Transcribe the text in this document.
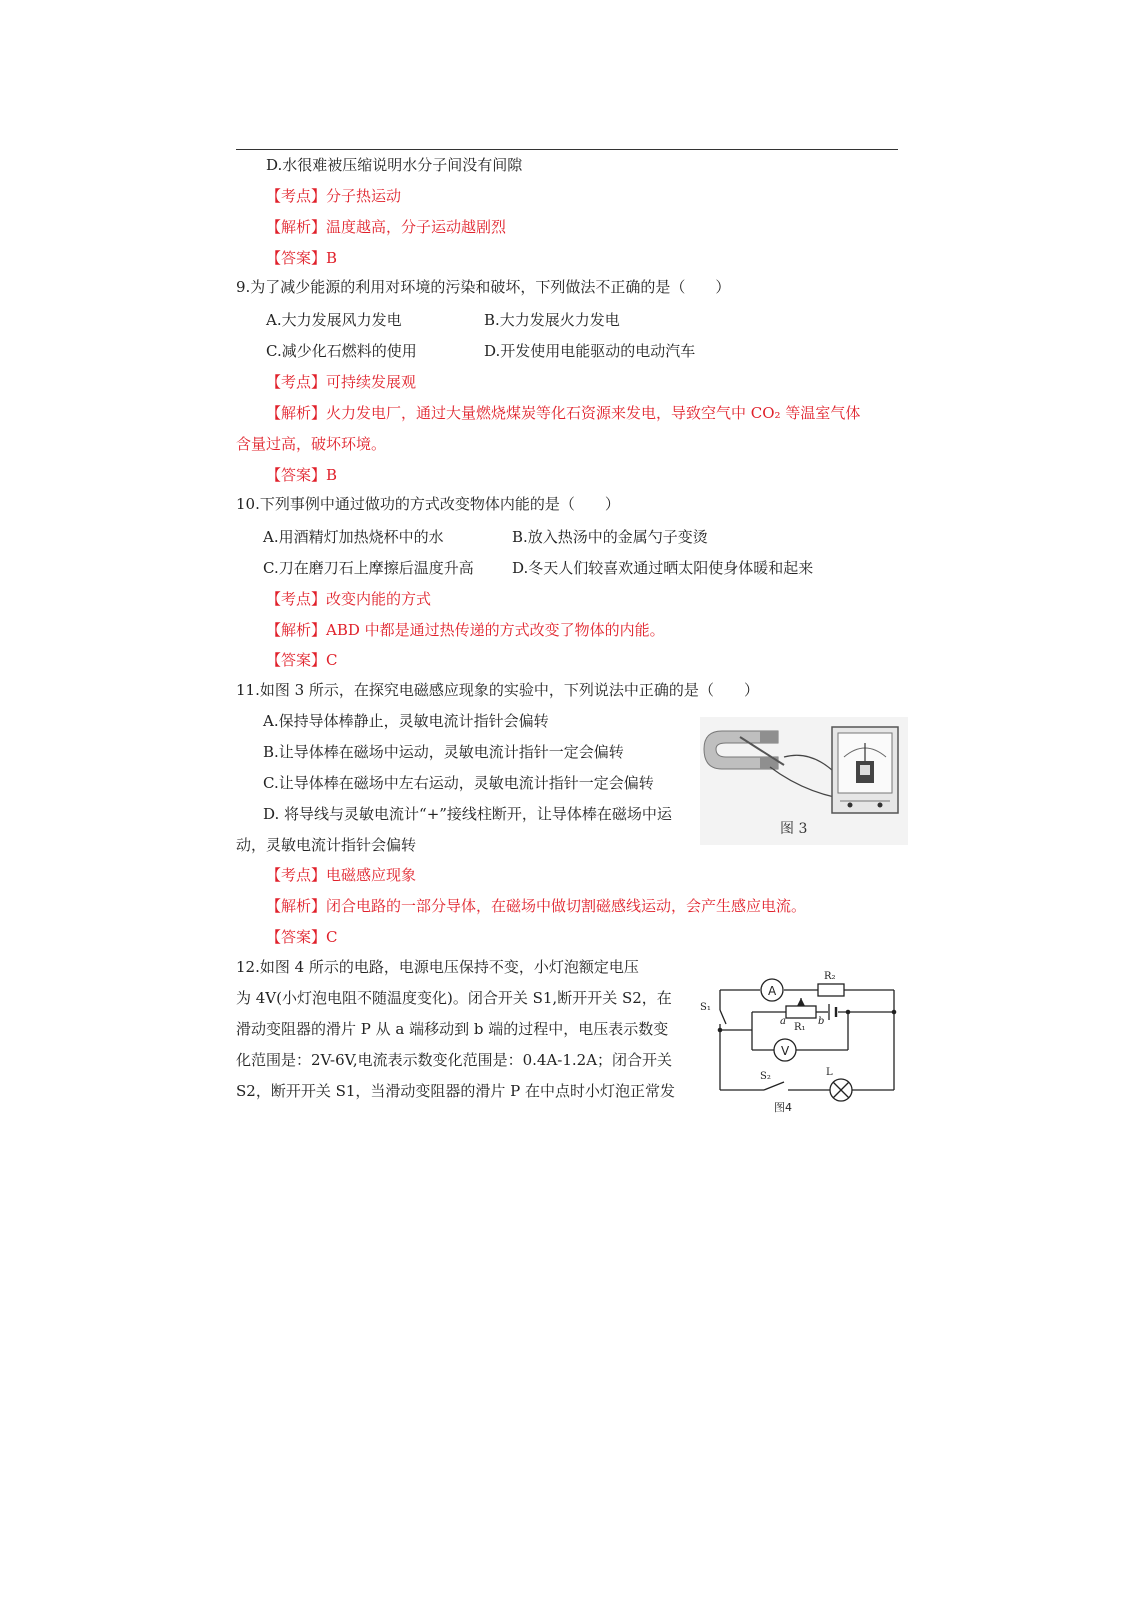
D.水很难被压缩说明水分子间没有间隙
【考点】分子热运动
【解析】温度越高，分子运动越剧烈
【答案】B
9.为了减少能源的利用对环境的污染和破坏，下列做法不正确的是（　　）
A.大力发展风力发电	B.大力发展火力发电
C.减少化石燃料的使用	D.开发使用电能驱动的电动汽车
【考点】可持续发展观
【解析】火力发电厂，通过大量燃烧煤炭等化石资源来发电，导致空气中 CO₂ 等温室气体
含量过高，破坏环境。
【答案】B
10.下列事例中通过做功的方式改变物体内能的是（　　）
A.用酒精灯加热烧杯中的水	B.放入热汤中的金属勺子变烫
C.刀在磨刀石上摩擦后温度升高	D.冬天人们较喜欢通过晒太阳使身体暖和起来
【考点】改变内能的方式
【解析】ABD 中都是通过热传递的方式改变了物体的内能。
【答案】C
11.如图 3 所示，在探究电磁感应现象的实验中，下列说法中正确的是（　　）
A.保持导体棒静止，灵敏电流计指针会偏转
B.让导体棒在磁场中运动，灵敏电流计指针一定会偏转
C.让导体棒在磁场中左右运动，灵敏电流计指针一定会偏转
D. 将导线与灵敏电流计“+”接线柱断开，让导体棒在磁场中运
动，灵敏电流计指针会偏转
图 3
【考点】电磁感应现象
【解析】闭合电路的一部分导体，在磁场中做切割磁感线运动，会产生感应电流。
【答案】C
12.如图 4 所示的电路，电源电压保持不变，小灯泡额定电压
为 4V(小灯泡电阻不随温度变化)。闭合开关 S1,断开开关 S2，在
滑动变阻器的滑片 P 从 a 端移动到 b 端的过程中，电压表示数变
化范围是：2V-6V,电流表示数变化范围是：0.4A-1.2A；闭合开关
S2，断开开关 S1，当滑动变阻器的滑片 P 在中点时小灯泡正常发
A
R₂
R₁
a	b
V
S₁
S₂	L
图4
